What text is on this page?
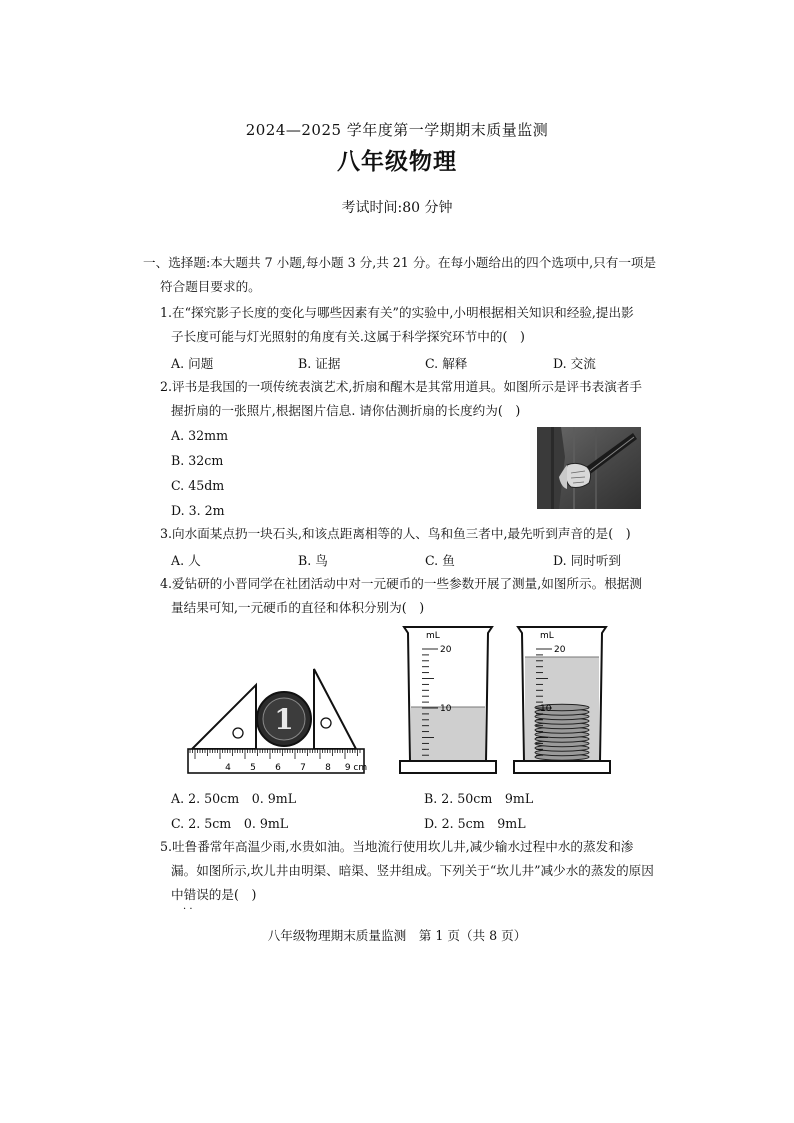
2024—2025 学年度第一学期期末质量监测
八年级物理
考试时间:80 分钟
一、选择题:本大题共 7 小题,每小题 3 分,共 21 分。在每小题给出的四个选项中,只有一项是
符合题目要求的。
1.在“探究影子长度的变化与哪些因素有关”的实验中,小明根据相关知识和经验,提出影
子长度可能与灯光照射的角度有关.这属于科学探究环节中的(　)
A. 问题	B. 证据	C. 解释	D. 交流
2.评书是我国的一项传统表演艺术,折扇和醒木是其常用道具。如图所示是评书表演者手
握折扇的一张照片,根据图片信息. 请你估测折扇的长度约为(　)
A. 32mm
B. 32cm
C. 45dm
D. 3. 2m
3.向水面某点扔一块石头,和该点距离相等的人、鸟和鱼三者中,最先听到声音的是(　)
A. 人	B. 鸟	C. 鱼	D. 同时听到
4.爱钻研的小晋同学在社团活动中对一元硬币的一些参数开展了测量,如图所示。根据测
量结果可知,一元硬币的直径和体积分别为(　)
1
4 5 6 7 8 9 cm
mL
20
10
mL
20
10
A. 2. 50cm　0. 9mL	B. 2. 50cm　9mL
C. 2. 5cm　0. 9mL	D. 2. 5cm　9mL
5.吐鲁番常年高温少雨,水贵如油。当地流行使用坎儿井,减少输水过程中水的蒸发和渗
漏。如图所示,坎儿井由明渠、暗渠、竖井组成。下列关于“坎儿井”减少水的蒸发的原因
中错误的是(　)
· ·
八年级物理期末质量监测　第 1 页（共 8 页）
